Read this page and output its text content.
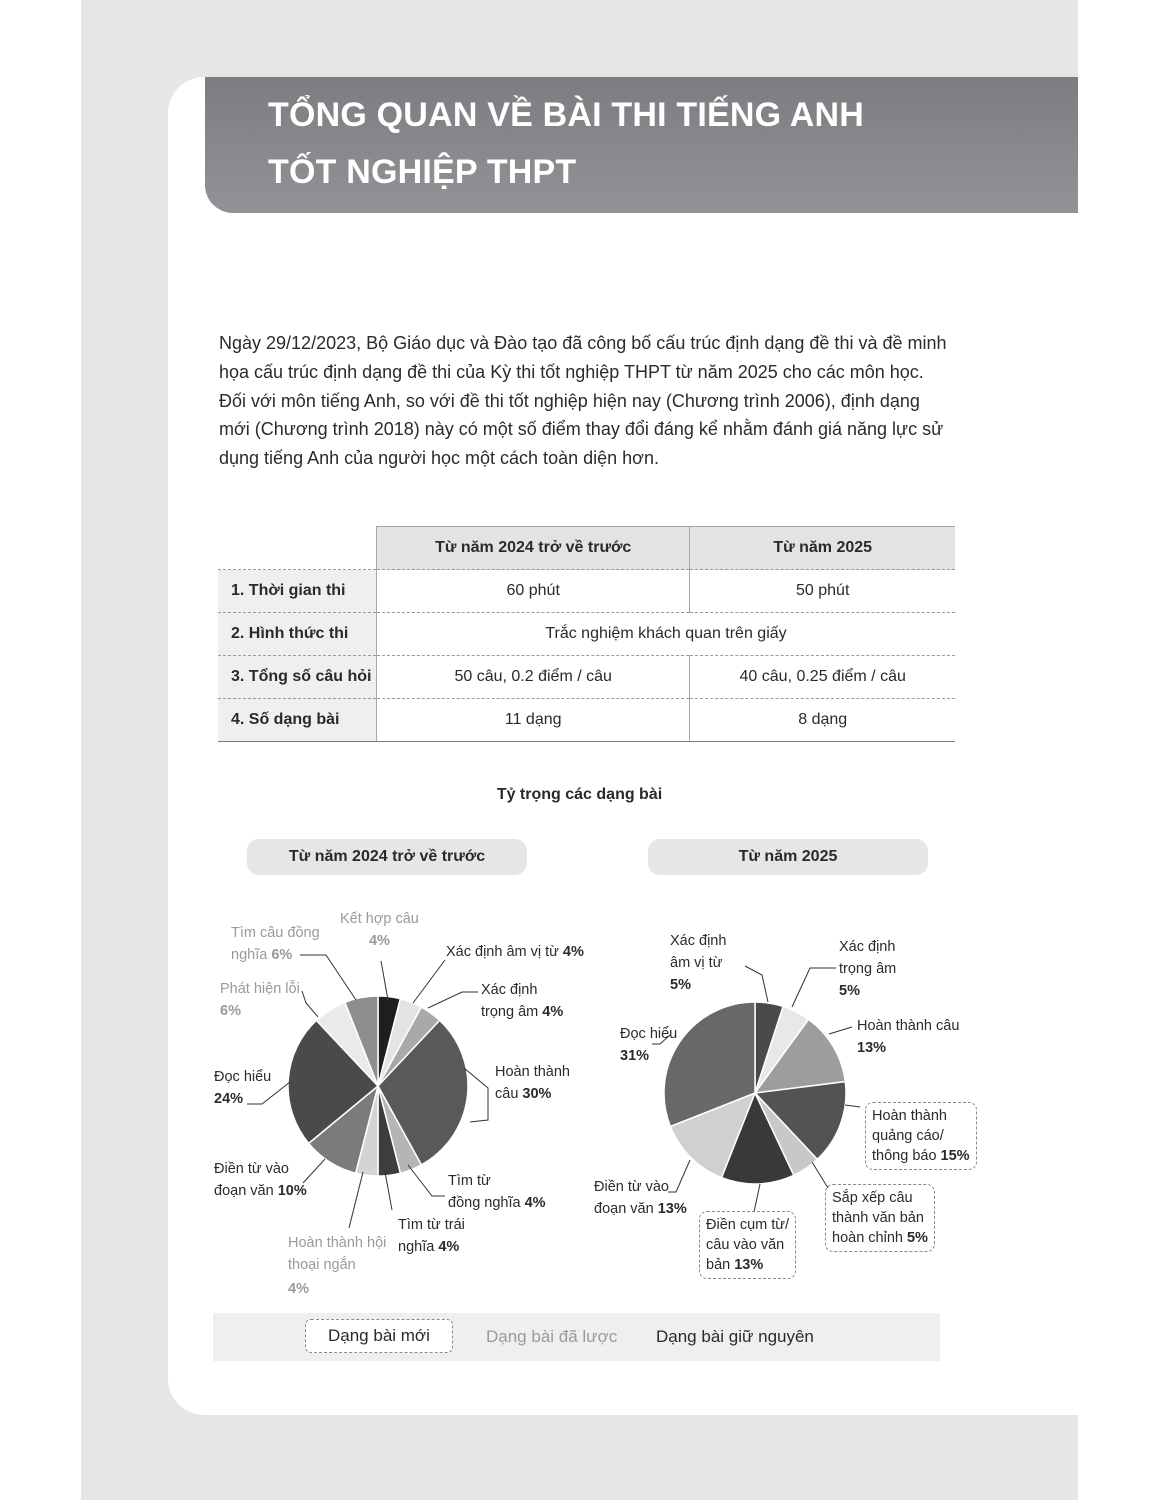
TỔNG QUAN VỀ BÀI THI TIẾNG ANH
TỐT NGHIỆP THPT

Ngày 29/12/2023, Bộ Giáo dục và Đào tạo đã công bố cấu trúc định dạng đề thi và đề minh họa cấu trúc định dạng đề thi của Kỳ thi tốt nghiệp THPT từ năm 2025 cho các môn học. Đối với môn tiếng Anh, so với đề thi tốt nghiệp hiện nay (Chương trình 2006), định dạng mới (Chương trình 2018) này có một số điểm thay đổi đáng kể nhằm đánh giá năng lực sử dụng tiếng Anh của người học một cách toàn diện hơn.

	Từ năm 2024 trở về trước	Từ năm 2025
1. Thời gian thi	60 phút	50 phút
2. Hình thức thi	Trắc nghiệm khách quan trên giấy	
3. Tổng số câu hỏi	50 câu, 0.2 điểm / câu	40 câu, 0.25 điểm / câu
4. Số dạng bài	11 dạng	8 dạng
Tỷ trọng các dạng bài
Từ năm 2024 trở về trước	Từ năm 2025
Kết hợp câu
4%
Xác định âm vị từ 4%
Xác định
trọng âm 4%
Hoàn thành
câu 30%
Tìm từ
đồng nghĩa 4%
Tìm từ trái
nghĩa 4%
Hoàn thành hội
thoại ngắn
4%
Điền từ vào
đoạn văn 10%
Đọc hiểu
24%
Phát hiện lỗi
6%
Tìm câu đồng
nghĩa 6%
Xác định
âm vị từ
5%
Xác định
trọng âm
5%
Hoàn thành câu
13%
Hoàn thành
quảng cáo/
thông báo 15%
Sắp xếp câu
thành văn bản
hoàn chỉnh 5%
Điền cụm từ/
câu vào văn
bản 13%
Điền từ vào
đoạn văn 13%
Đọc hiểu
31%
Dạng bài mới	Dạng bài đã lược Dạng bài giữ nguyên
